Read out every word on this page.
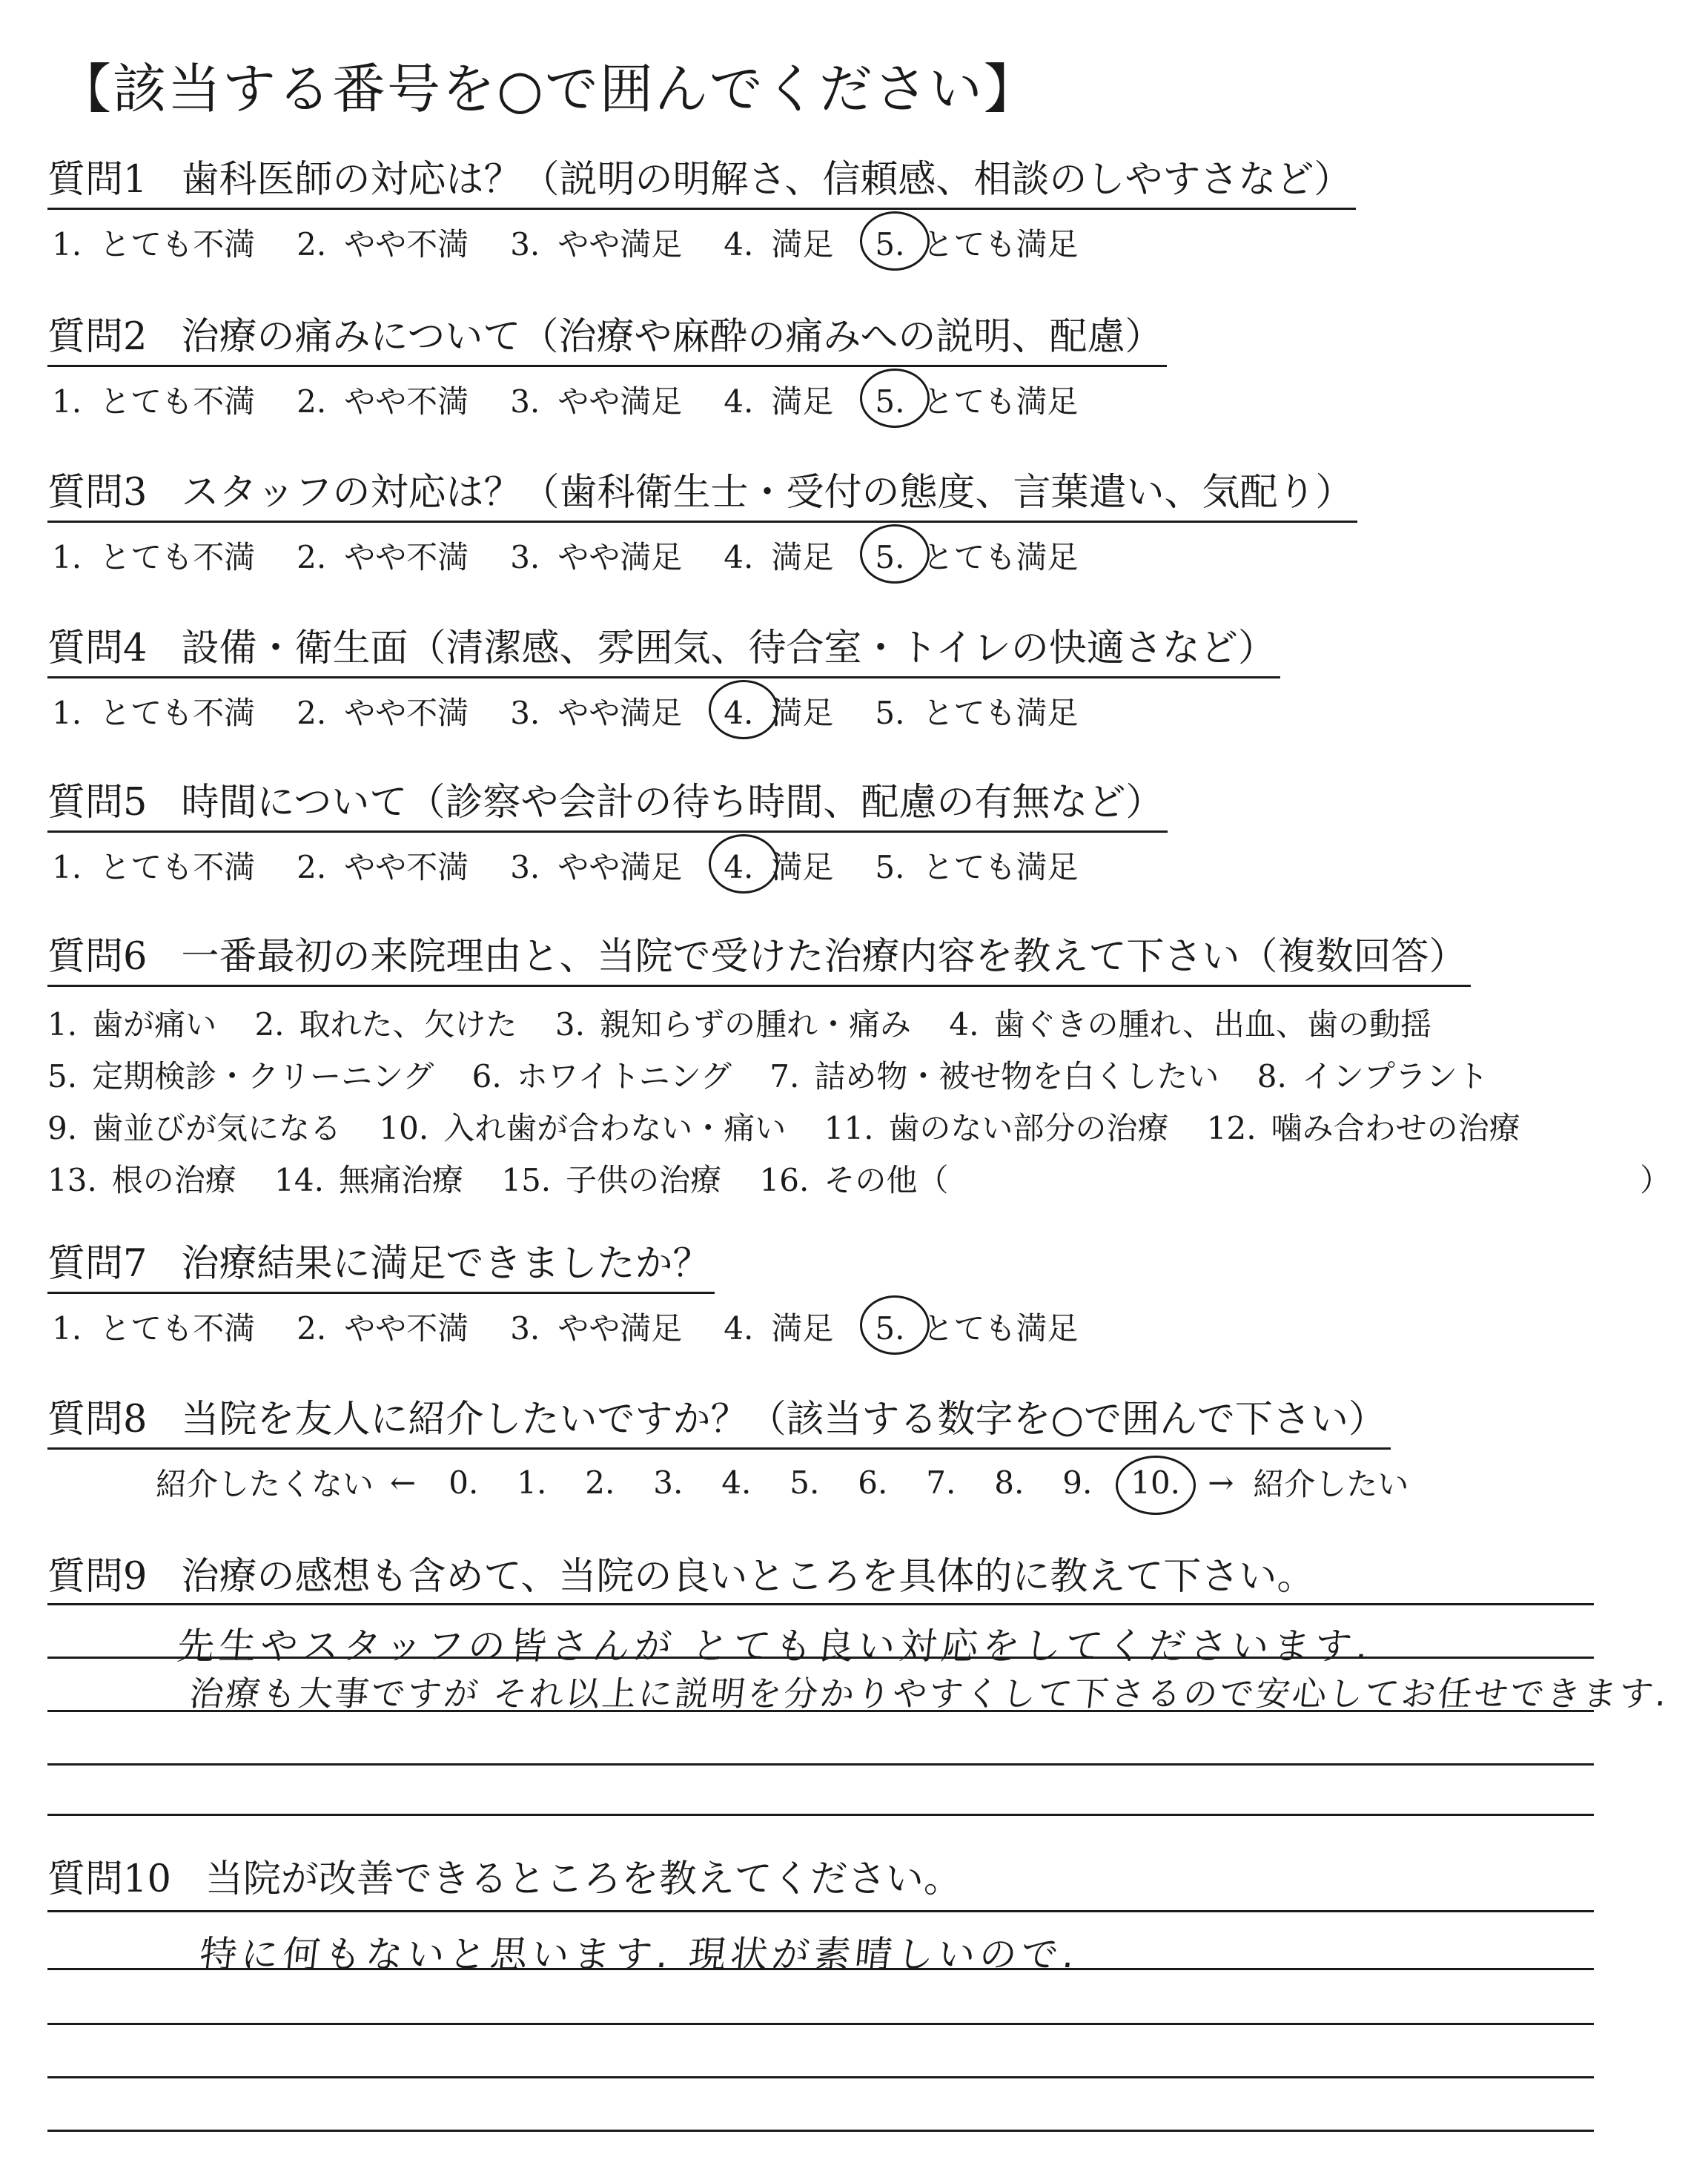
【該当する番号を○で囲んでください】
質問1 歯科医師の対応は？（説明の明解さ、信頼感、相談のしやすさなど）
1. とても不満 2. やや不満 3. やや満足 4. 満足 5. とても満足
質問2 治療の痛みについて（治療や麻酔の痛みへの説明、配慮）
1. とても不満 2. やや不満 3. やや満足 4. 満足 5. とても満足
質問3 スタッフの対応は？（歯科衛生士・受付の態度、言葉遣い、気配り）
1. とても不満 2. やや不満 3. やや満足 4. 満足 5. とても満足
質問4 設備・衛生面（清潔感、雰囲気、待合室・トイレの快適さなど）
1. とても不満 2. やや不満 3. やや満足 4. 満足 5. とても満足
質問5 時間について（診察や会計の待ち時間、配慮の有無など）
1. とても不満 2. やや不満 3. やや満足 4. 満足 5. とても満足
質問6 一番最初の来院理由と、当院で受けた治療内容を教えて下さい（複数回答）
1. 歯が痛い 2. 取れた、欠けた 3. 親知らずの腫れ・痛み 4. 歯ぐきの腫れ、出血、歯の動揺
5. 定期検診・クリーニング 6. ホワイトニング 7. 詰め物・被せ物を白くしたい 8. インプラント
9. 歯並びが気になる 10. 入れ歯が合わない・痛い 11. 歯のない部分の治療 12. 噛み合わせの治療
13. 根の治療 14. 無痛治療 15. 子供の治療 16. その他（	）
質問7 治療結果に満足できましたか？
1. とても不満 2. やや不満 3. やや満足 4. 満足 5. とても満足
質問8 当院を友人に紹介したいですか？（該当する数字を○で囲んで下さい）
紹介したくない ← 0.	1.	2.	3.	4.	5.	6.	7.	8.	9.	10. → 紹介したい
質問9 治療の感想も含めて、当院の良いところを具体的に教えて下さい。
先生やスタッフの皆さんが とても良い対応をしてくださいます.
治療も大事ですが それ以上に説明を分かりやすくして下さるので安心してお任せできます.
質問10 当院が改善できるところを教えてください。
特に何もないと思います. 現状が素晴しいので.
